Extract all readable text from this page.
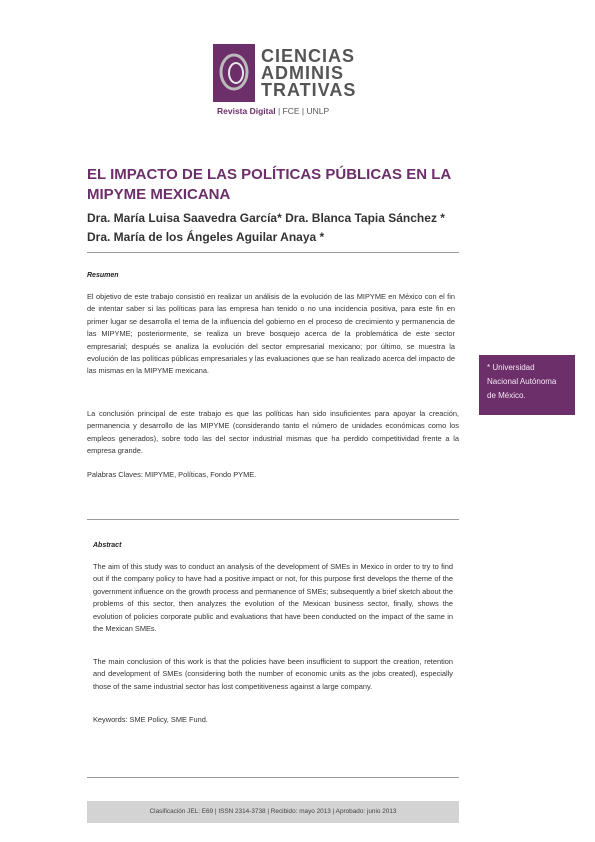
CIENCIAS
ADMINIS
TRATIVAS
Revista Digital | FCE | UNLP
EL IMPACTO DE LAS POLÍTICAS PÚBLICAS EN LA MIPYME MEXICANA
Dra. María Luisa Saavedra García* Dra. Blanca Tapia Sánchez *
Dra. María de los Ángeles Aguilar Anaya *
Resumen
El objetivo de este trabajo consistió en realizar un análisis de la evolución de las MIPYME en México con el fin de intentar saber si las políticas para las empresa han tenido o no una incidencia positiva, para este fin en primer lugar se desarrolla el tema de la influencia del gobierno en el proceso de crecimiento y permanencia de las MIPYME; posteriormente, se realiza un breve bosquejo acerca de la problemática de este sector empresarial; después se analiza la evolución del sector empresarial mexicano; por último, se muestra la evolución de las políticas públicas empresariales y las evaluaciones que se han realizado acerca del impacto de las mismas en la MIPYME mexicana.
La conclusión principal de este trabajo es que las políticas han sido insuficientes para apoyar la creación, permanencia y desarrollo de las MIPYME (considerando tanto el número de unidades económicas como los empleos generados), sobre todo las del sector industrial mismas que ha perdido competitividad frente a la empresa grande.
Palabras Claves: MIPYME, Políticas, Fondo PYME.
* Universidad Nacional Autónoma de México.
Abstract
The aim of this study was to conduct an analysis of the development of SMEs in Mexico in order to try to find out if the company policy to have had a positive impact or not, for this purpose first develops the theme of the government influence on the growth process and permanence of SMEs; subsequently a brief sketch about the problems of this sector, then analyzes the evolution of the Mexican business sector, finally, shows the evolution of policies corporate public and evaluations that have been conducted on the impact of the same in the Mexican SMEs.
The main conclusion of this work is that the policies have been insufficient to support the creation, retention and development of SMEs (considering both the number of economic units as the jobs created), especially those of the same industrial sector has lost competitiveness against a large company.
Keywords: SME Policy, SME Fund.
Clasificación JEL: E69 | ISSN 2314-3738 | Recibido: mayo 2013 | Aprobado: junio 2013
